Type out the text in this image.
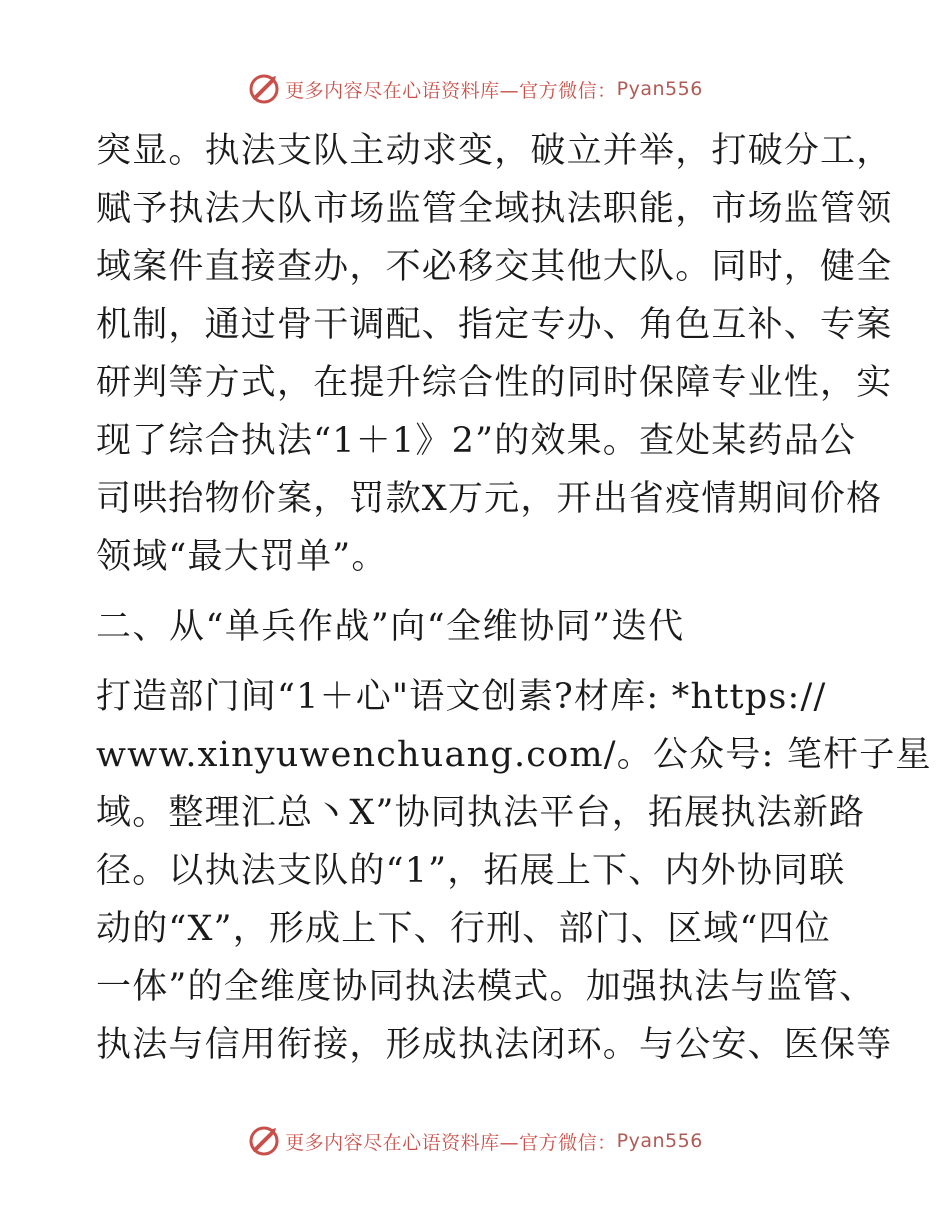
更多内容尽在心语资料库—官方微信： Pyan556
突显。执法支队主动求变，破立并举，打破分工，
赋予执法大队市场监管全域执法职能，市场监管领
域案件直接查办，不必移交其他大队。同时，健全
机制，通过骨干调配、指定专办、角色互补、专案
研判等方式，在提升综合性的同时保障专业性，实
现了综合执法“1＋1》2”的效果。查处某药品公
司哄抬物价案，罚款X万元，开出省疫情期间价格
领域“最大罚单”。
二、从“单兵作战”向“全维协同”迭代
打造部门间“1＋心"语文创素?材库: *https://
www.xinyuwenchuang.com/。公众号: 笔杆子星
域。整理汇总丶X”协同执法平台，拓展执法新路
径。以执法支队的“1”，拓展上下、内外协同联
动的“X”，形成上下、行刑、部门、区域“四位
一体”的全维度协同执法模式。加强执法与监管、
执法与信用衔接，形成执法闭环。与公安、医保等
更多内容尽在心语资料库—官方微信： Pyan556
